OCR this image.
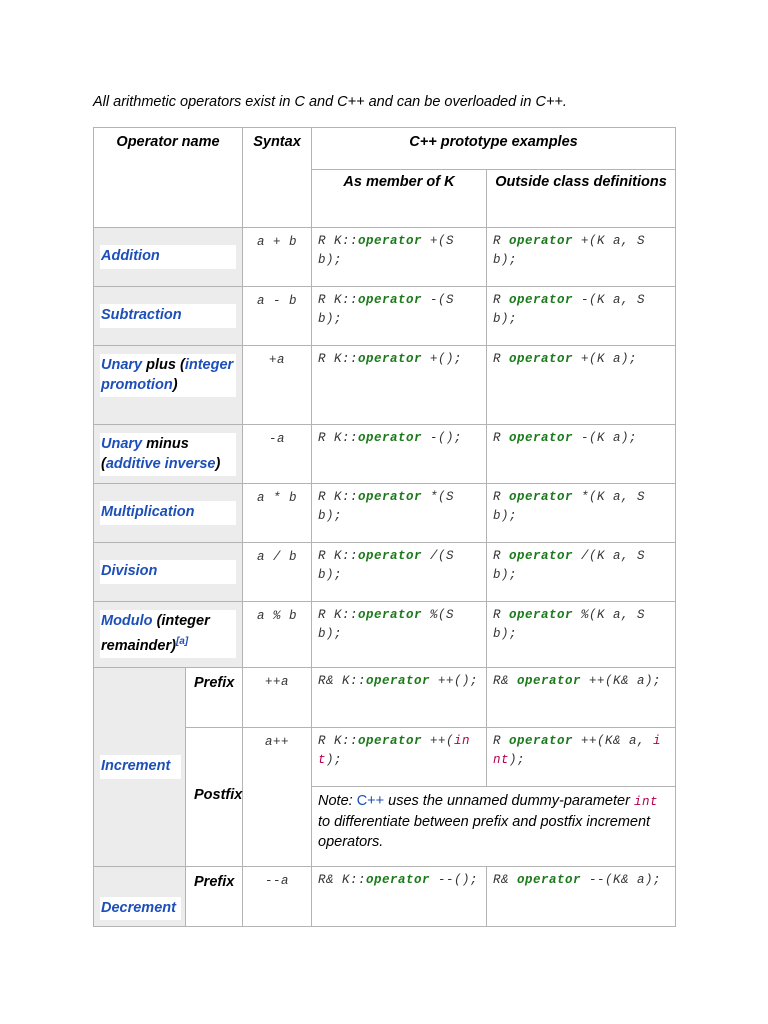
All arithmetic operators exist in C and C++ and can be overloaded in C++.
Operator name		Syntax	C++ prototype examples	
			As member of K	Outside class definitions

Addition		a + b	R K::operator +(S b);	R operator +(K a, S b);

Subtraction		a - b	R K::operator -(S b);	R operator -(K a, S b);

Unary plus (integer promotion)		+a	R K::operator +();	R operator +(K a);

Unary minus (additive inverse)		-a	R K::operator -();	R operator -(K a);

Multiplication		a * b	R K::operator *(S b);	R operator *(K a, S b);

Division		a / b	R K::operator /(S b);	R operator /(K a, S b);

Modulo (integer remainder)[a]		a % b	R K::operator %(S b);	R operator %(K a, S b);

Increment	Prefix	++a	R& K::operator ++();	R& operator ++(K& a);

	Postfix	a++	R K::operator ++(int);	R operator ++(K& a, int);
			Note: C++ uses the unnamed dummy-parameter int to differentiate between prefix and postfix increment operators.	

Decrement	Prefix	--a	R& K::operator --();	R& operator --(K& a);
